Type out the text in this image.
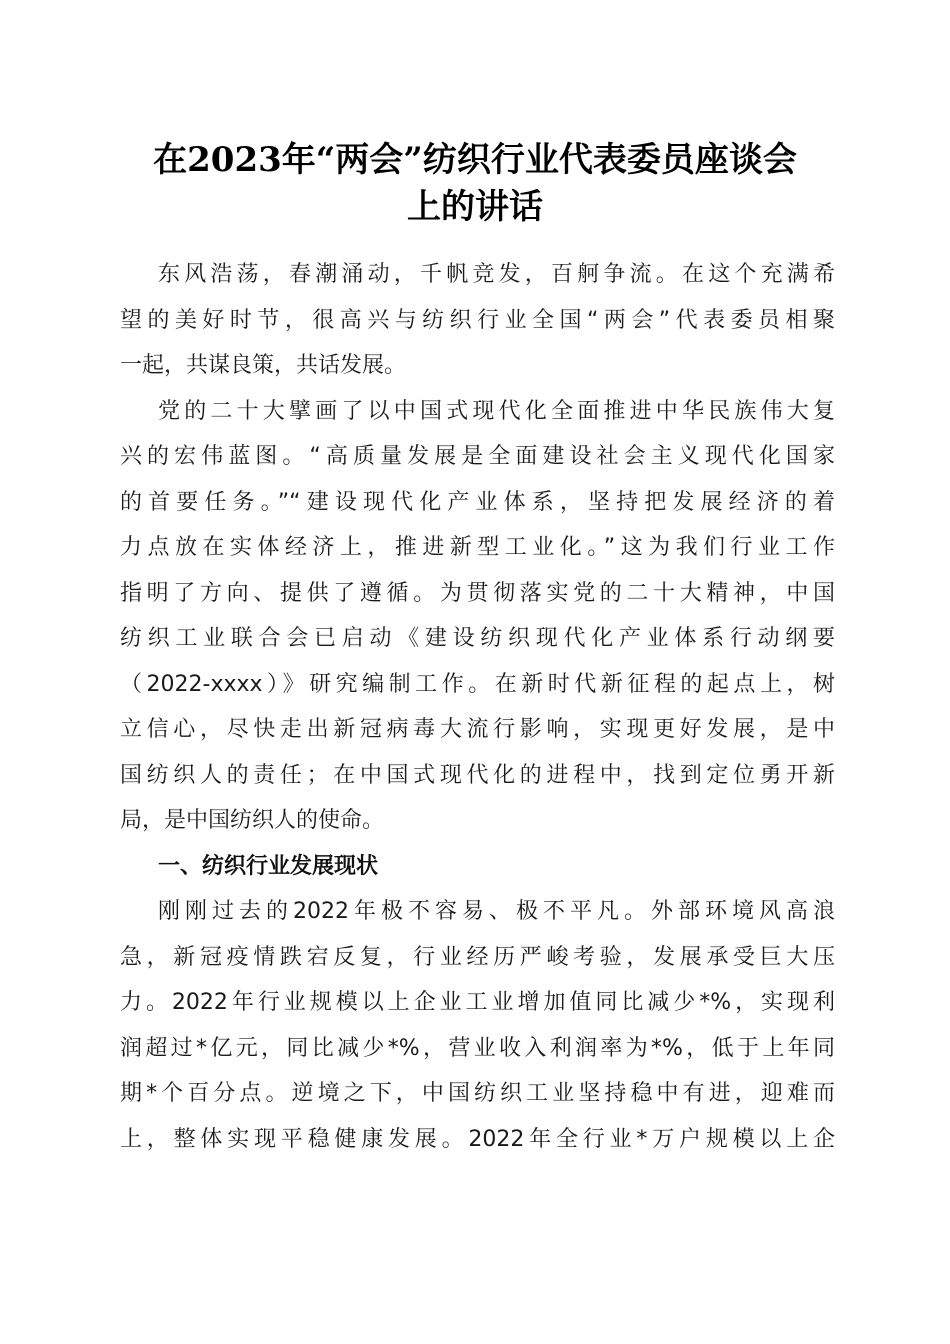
在2023年“两会”纺织行业代表委员座谈会
上的讲话
东风浩荡，春潮涌动，千帆竞发，百舸争流。在这个充满希
望的美好时节，很高兴与纺织行业全国“两会”代表委员相聚
一起，共谋良策，共话发展。
党的二十大擘画了以中国式现代化全面推进中华民族伟大复
兴的宏伟蓝图。“高质量发展是全面建设社会主义现代化国家
的首要任务。”“建设现代化产业体系，坚持把发展经济的着
力点放在实体经济上，推进新型工业化。”这为我们行业工作
指明了方向、提供了遵循。为贯彻落实党的二十大精神，中国
纺织工业联合会已启动《建设纺织现代化产业体系行动纲要
（2022-xxxx）》研究编制工作。在新时代新征程的起点上，树
立信心，尽快走出新冠病毒大流行影响，实现更好发展，是中
国纺织人的责任；在中国式现代化的进程中，找到定位勇开新
局，是中国纺织人的使命。
一、纺织行业发展现状
刚刚过去的2022年极不容易、极不平凡。外部环境风高浪
急，新冠疫情跌宕反复，行业经历严峻考验，发展承受巨大压
力。2022年行业规模以上企业工业增加值同比减少*%，实现利
润超过*亿元，同比减少*%，营业收入利润率为*%，低于上年同
期*个百分点。逆境之下，中国纺织工业坚持稳中有进，迎难而
上，整体实现平稳健康发展。2022年全行业*万户规模以上企
